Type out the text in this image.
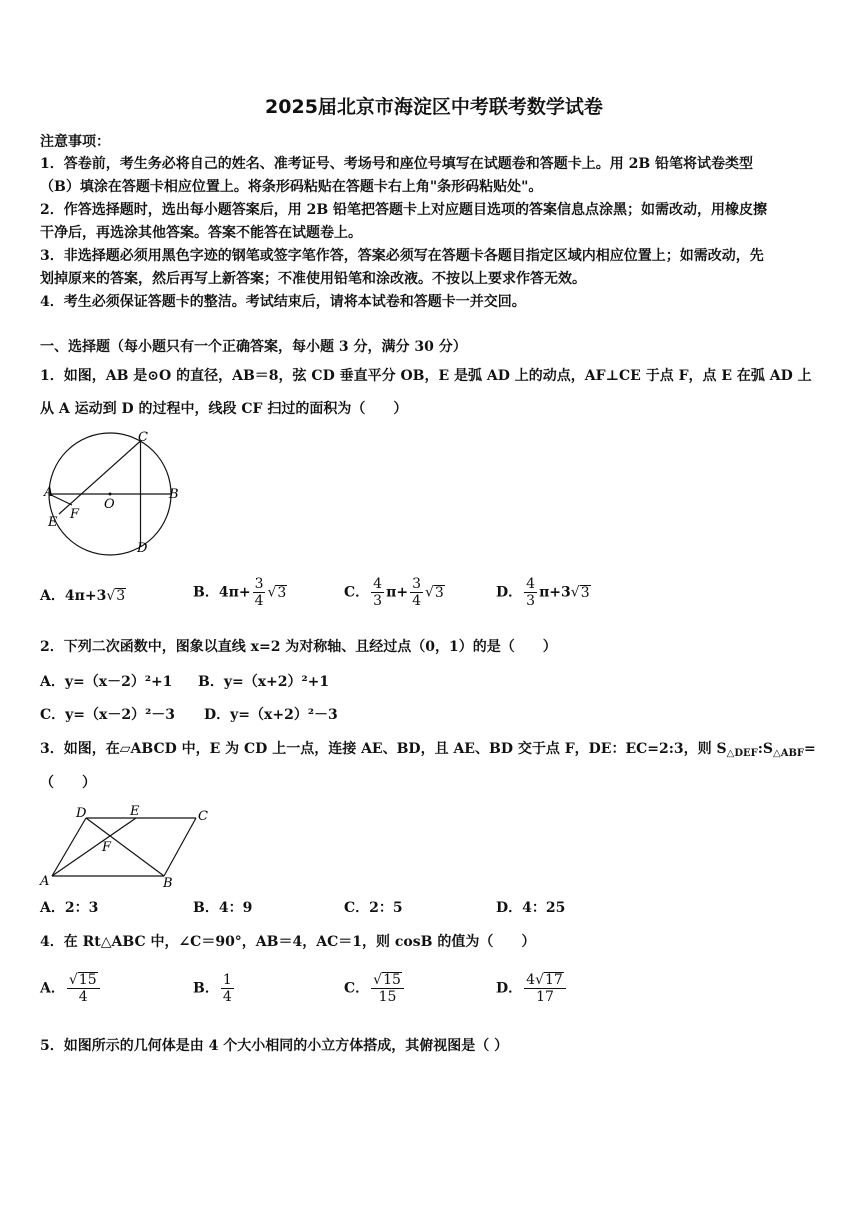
2025届北京市海淀区中考联考数学试卷
注意事项：
1．答卷前，考生务必将自己的姓名、准考证号、考场号和座位号填写在试题卷和答题卡上。用 2B 铅笔将试卷类型
（B）填涂在答题卡相应位置上。将条形码粘贴在答题卡右上角"条形码粘贴处"。
2．作答选择题时，选出每小题答案后，用 2B 铅笔把答题卡上对应题目选项的答案信息点涂黑；如需改动，用橡皮擦
干净后，再选涂其他答案。答案不能答在试题卷上。
3．非选择题必须用黑色字迹的钢笔或签字笔作答，答案必须写在答题卡各题目指定区域内相应位置上；如需改动，先
划掉原来的答案，然后再写上新答案；不准使用铅笔和涂改液。不按以上要求作答无效。
4．考生必须保证答题卡的整洁。考试结束后，请将本试卷和答题卡一并交回。
一、选择题（每小题只有一个正确答案，每小题 3 分，满分 30 分）
1．如图，AB 是⊙O 的直径，AB＝8，弦 CD 垂直平分 OB，E 是弧 AD 上的动点，AF⊥CE 于点 F，点 E 在弧 AD 上
从 A 运动到 D 的过程中，线段 CF 扫过的面积为（　　）
C
A
O
B
E
F
D
A．4π+3√3	B．$4\pi+ \frac{3}{4} √3$	C． $\frac{4}{3} \pi+ \frac{3}{4} √3$	D． $\frac{4}{3} \pi+3√3$
2．下列二次函数中，图象以直线 x=2 为对称轴、且经过点（0，1）的是（　　）
A．y=（x－2）²+1 B．y=（x+2）²+1
C．y=（x－2）²－3 D．y=（x+2）²－3
3．如图，在▱ABCD 中，E 为 CD 上一点，连接 AE、BD，且 AE、BD 交于点 F，DE：EC=2:3，则 $S_{\triangle DEF}:S_{\triangle ABF}=$
（　　）
D	E	C
F
A	B
A．2：3	B．4：9	C．2：5	D．4：25
4．在 Rt△ABC 中，∠C＝90°，AB＝4，AC＝1，则 cosB 的值为（　　）
A． $\frac{√15}{4}$	B． $\frac{1}{4}$	C． $\frac{√15}{15}$	D． $\frac{4√17}{17}$
5．如图所示的几何体是由 4 个大小相同的小立方体搭成，其俯视图是（ ）
